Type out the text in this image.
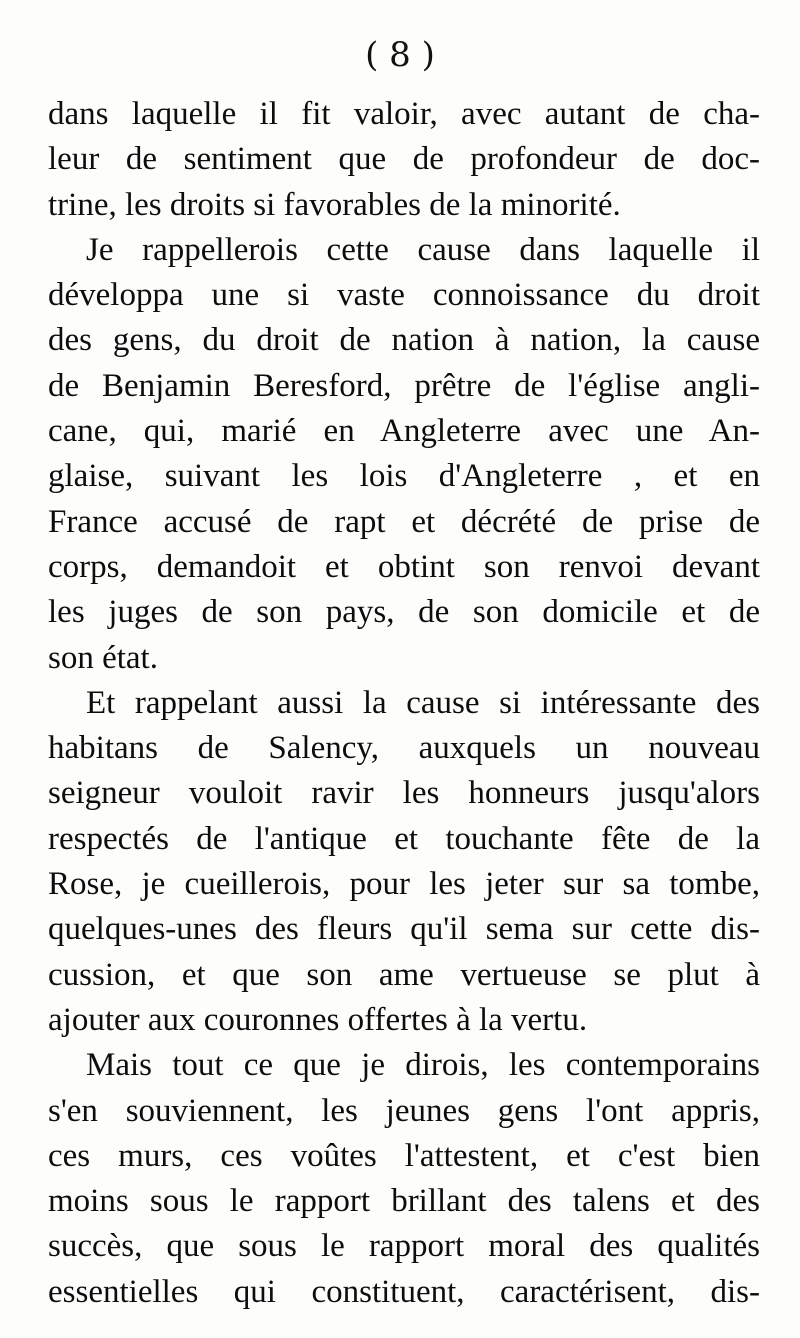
( 8 )
dans laquelle il fit valoir, avec autant de cha-
leur de sentiment que de profondeur de doc-
trine, les droits si favorables de la minorité.
Je rappellerois cette cause dans laquelle il
développa une si vaste connoissance du droit
des gens, du droit de nation à nation, la cause
de Benjamin Beresford, prêtre de l'église angli-
cane, qui, marié en Angleterre avec une An-
glaise, suivant les lois d'Angleterre , et en
France accusé de rapt et décrété de prise de
corps, demandoit et obtint son renvoi devant
les juges de son pays, de son domicile et de
son état.
Et rappelant aussi la cause si intéressante des
habitans de Salency, auxquels un nouveau
seigneur vouloit ravir les honneurs jusqu'alors
respectés de l'antique et touchante fête de la
Rose, je cueillerois, pour les jeter sur sa tombe,
quelques-unes des fleurs qu'il sema sur cette dis-
cussion, et que son ame vertueuse se plut à
ajouter aux couronnes offertes à la vertu.
Mais tout ce que je dirois, les contemporains
s'en souviennent, les jeunes gens l'ont appris,
ces murs, ces voûtes l'attestent, et c'est bien
moins sous le rapport brillant des talens et des
succès, que sous le rapport moral des qualités
essentielles qui constituent, caractérisent, dis-
